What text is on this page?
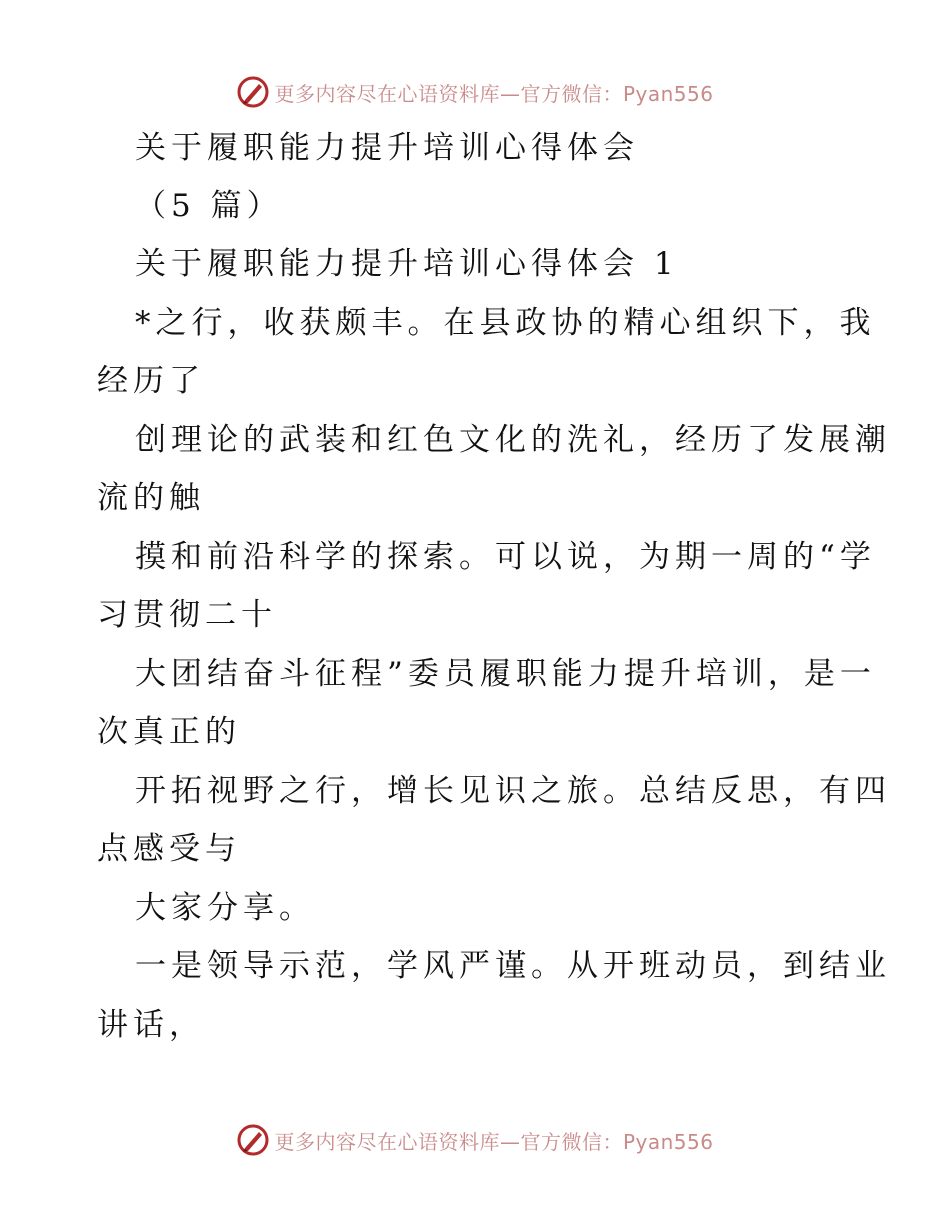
更多内容尽在心语资料库—官方微信：Pyan556
关于履职能力提升培训心得体会

（5 篇）

关于履职能力提升培训心得体会 1

*之行，收获颇丰。在县政协的精心组织下，我

经历了

创理论的武装和红色文化的洗礼，经历了发展潮

流的触

摸和前沿科学的探索。可以说，为期一周的“学

习贯彻二十

大团结奋斗征程”委员履职能力提升培训，是一

次真正的

开拓视野之行，增长见识之旅。总结反思，有四

点感受与

大家分享。

一是领导示范，学风严谨。从开班动员，到结业

讲话，

更多内容尽在心语资料库—官方微信：Pyan556
